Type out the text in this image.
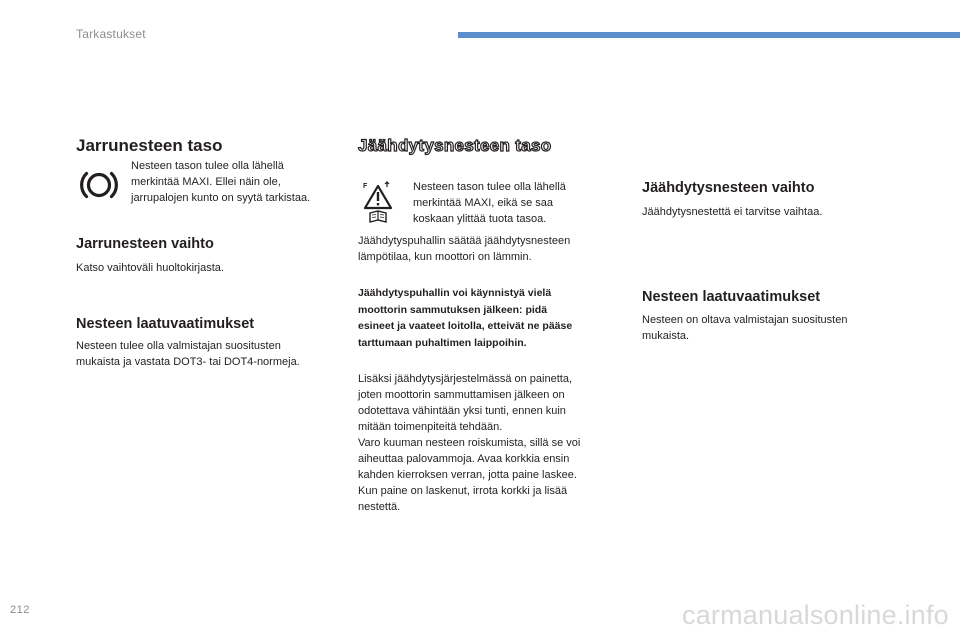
Tarkastukset
Jarrunesteen taso
Nesteen tason tulee olla lähellä
merkintää MAXI. Ellei näin ole,
jarrupalojen kunto on syytä tarkistaa.
Jarrunesteen vaihto
Katso vaihtoväli huoltokirjasta.
Nesteen laatuvaatimukset
Nesteen tulee olla valmistajan suositusten
mukaista ja vastata DOT3- tai DOT4-normeja.
Jäähdytysnesteen taso
F	Nesteen tason tulee olla lähellä
merkintää MAXI, eikä se saa
koskaan ylittää tuota tasoa.
Jäähdytyspuhallin säätää jäähdytysnesteen
lämpötilaa, kun moottori on lämmin.
Jäähdytyspuhallin voi käynnistyä vielä
moottorin sammutuksen jälkeen: pidä
esineet ja vaateet loitolla, etteivät ne pääse
tarttumaan puhaltimen laippoihin.
Lisäksi jäähdytysjärjestelmässä on painetta,
joten moottorin sammuttamisen jälkeen on
odotettava vähintään yksi tunti, ennen kuin
mitään toimenpiteitä tehdään.
Varo kuuman nesteen roiskumista, sillä se voi
aiheuttaa palovammoja. Avaa korkkia ensin
kahden kierroksen verran, jotta paine laskee.
Kun paine on laskenut, irrota korkki ja lisää
nestettä.
Jäähdytysnesteen vaihto
Jäähdytysnestettä ei tarvitse vaihtaa.
Nesteen laatuvaatimukset
Nesteen on oltava valmistajan suositusten
mukaista.
212	carmanualsonline.info
